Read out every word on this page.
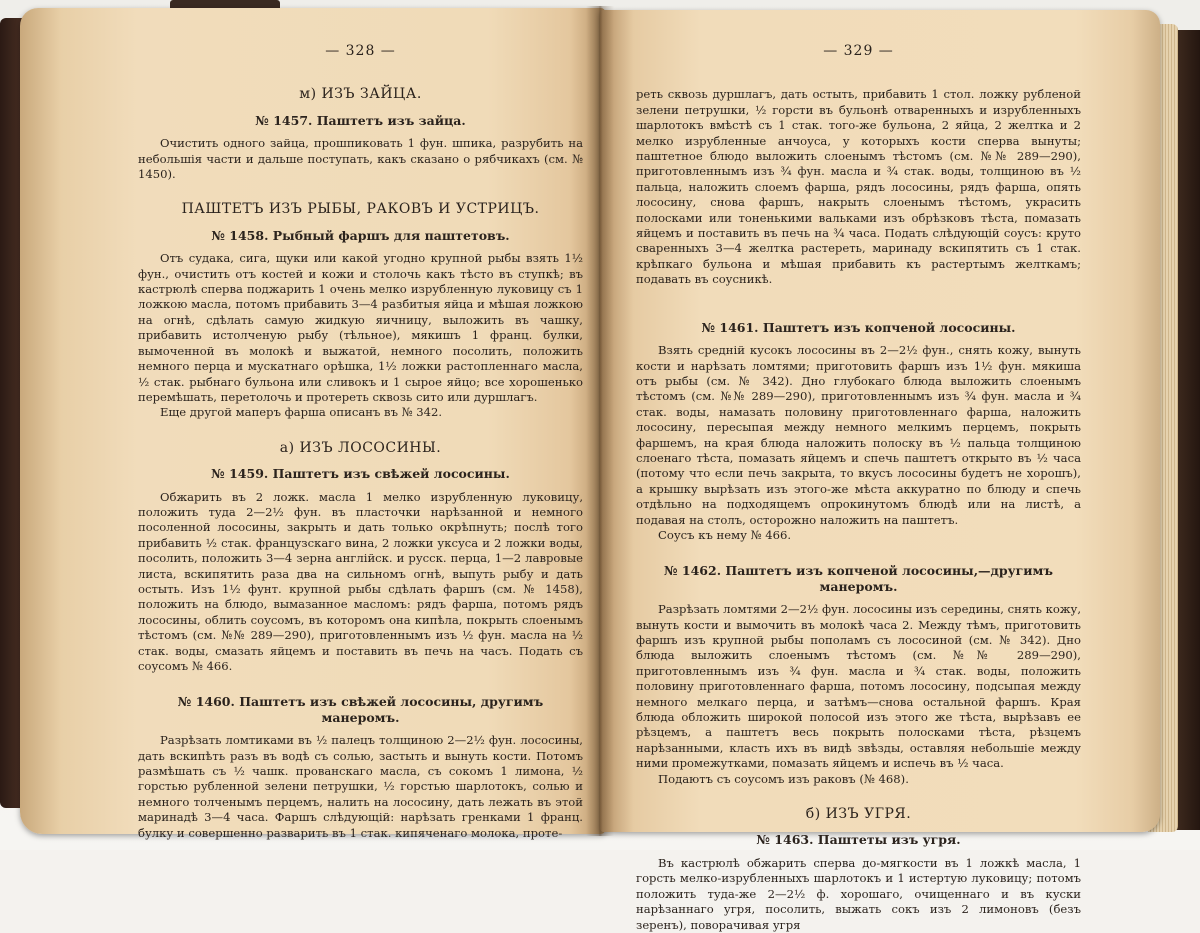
— 328 —
м) ИЗЪ ЗАЙЦА.
№ 1457. Паштетъ изъ зайца.

Очистить одного зайца, прошпиковать 1 фун. шпика, разрубить на небольшія части и дальше поступать, какъ сказано о рябчикахъ (см. № 1450).

ПАШТЕТЪ ИЗЪ РЫБЫ, РАКОВЪ И УСТРИЦЪ.
№ 1458. Рыбный фаршъ для паштетовъ.

Отъ судака, сига, щуки или какой угодно крупной рыбы взять 1½ фун., очистить отъ костей и кожи и столочь какъ тѣсто въ ступкѣ; въ кастрюлѣ сперва поджарить 1 очень мелко изрубленную луковицу съ 1 ложкою масла, потомъ прибавить 3—4 разбитыя яйца и мѣшая ложкою на огнѣ, сдѣлать самую жидкую яичницу, выложить въ чашку, прибавить истолченую рыбу (тѣльное), мякишъ 1 франц. булки, вымоченной въ молокѣ и выжатой, немного посолить, положить немного перца и мускатнаго орѣшка, 1½ ложки растопленнаго масла, ½ стак. рыбнаго бульона или сливокъ и 1 сырое яйцо; все хорошенько перемѣшать, перетолочь и протереть сквозь сито или дуршлагъ.

Еще другой маперъ фарша описанъ въ № 342.

а) ИЗЪ ЛОСОСИНЫ.
№ 1459. Паштетъ изъ свѣжей лососины.

Обжарить въ 2 ложк. масла 1 мелко изрубленную луковицу, положить туда 2—2½ фун. въ пласточки нарѣзанной и немного посоленной лососины, закрыть и дать только окрѣпнуть; послѣ того прибавить ½ стак. французскаго вина, 2 ложки уксуса и 2 ложки воды, посолить, положить 3—4 зерна англійск. и русск. перца, 1—2 лавровые листа, вскипятить раза два на сильномъ огнѣ, выпуть рыбу и дать остыть. Изъ 1½ фунт. крупной рыбы сдѣлать фаршъ (см. № 1458), положить на блюдо, вымазанное масломъ: рядъ фарша, потомъ рядъ лососины, облить соусомъ, въ которомъ она кипѣла, покрыть слоенымъ тѣстомъ (см. №№ 289—290), приготовленнымъ изъ ½ фун. масла на ½ стак. воды, смазать яйцемъ и поставить въ печь на часъ. Подать съ соусомъ № 466.

№ 1460. Паштетъ изъ свѣжей лососины, другимъ манеромъ.

Разрѣзать ломтиками въ ½ палецъ толщиною 2—2½ фун. лососины, дать вскипѣть разъ въ водѣ съ солью, застыть и вынуть кости. Потомъ размѣшать съ ½ чашк. прованскаго масла, съ сокомъ 1 лимона, ½ горстью рубленной зелени петрушки, ½ горстью шарлотокъ, солью и немного толченымъ перцемъ, налить на лососину, дать лежать въ этой маринадѣ 3—4 часа. Фаршъ слѣдующій: нарѣзать гренками 1 франц. булку и совершенно разварить въ 1 стак. кипяченаго молока, проте-

— 329 —

реть сквозь дуршлагъ, дать остыть, прибавить 1 стол. ложку рубленой зелени петрушки, ½ горсти въ бульонѣ отваренныхъ и изрубленныхъ шарлотокъ вмѣстѣ съ 1 стак. того-же бульона, 2 яйца, 2 желтка и 2 мелко изрубленные анчоуса, у которыхъ кости сперва вынуты; паштетное блюдо выложить слоенымъ тѣстомъ (см. №№ 289—290), приготовленнымъ изъ ¾ фун. масла и ¾ стак. воды, толщиною въ ½ пальца, наложить слоемъ фарша, рядъ лососины, рядъ фарша, опять лососину, снова фаршъ, накрыть слоенымъ тѣстомъ, украсить полосками или тоненькими вальками изъ обрѣзковъ тѣста, помазать яйцемъ и поставить въ печь на ¾ часа. Подать слѣдующій соусъ: круто сваренныхъ 3—4 желтка растереть, маринаду вскипятить съ 1 стак. крѣпкаго бульона и мѣшая прибавить къ растертымъ желткамъ; подавать въ соусникѣ.

№ 1461. Паштетъ изъ копченой лососины.

Взять средній кусокъ лососины въ 2—2½ фун., снять кожу, вынуть кости и нарѣзать ломтями; приготовить фаршъ изъ 1½ фун. мякиша отъ рыбы (см. № 342). Дно глубокаго блюда выложить слоенымъ тѣстомъ (см. №№ 289—290), приготовленнымъ изъ ¾ фун. масла и ¾ стак. воды, намазать половину приготовленнаго фарша, наложить лососину, пересыпая между немного мелкимъ перцемъ, покрыть фаршемъ, на края блюда наложить полоску въ ½ пальца толщиною слоенаго тѣста, помазать яйцемъ и спечь паштетъ открыто въ ½ часа (потому что если печь закрыта, то вкусъ лососины будетъ не хорошъ), а крышку вырѣзать изъ этого-же мѣста аккуратно по блюду и спечь отдѣльно на подходящемъ опрокинутомъ блюдѣ или на листѣ, а подавая на столъ, осторожно наложить на паштетъ.

Соусъ къ нему № 466.

№ 1462. Паштетъ изъ копченой лососины,—другимъ манеромъ.

Разрѣзать ломтями 2—2½ фун. лососины изъ середины, снять кожу, вынуть кости и вымочить въ молокѣ часа 2. Между тѣмъ, приготовить фаршъ изъ крупной рыбы пополамъ съ лососиной (см. № 342). Дно блюда выложить слоенымъ тѣстомъ (см. №№ 289—290), приготовленнымъ изъ ¾ фун. масла и ¾ стак. воды, положить половину приготовленнаго фарша, потомъ лососину, подсыпая между немного мелкаго перца, и затѣмъ—снова остальной фаршъ. Края блюда обложить широкой полосой изъ этого же тѣста, вырѣзавъ ее рѣзцемъ, а паштетъ весь покрыть полосками тѣста, рѣзцемъ нарѣзанными, класть ихъ въ видѣ звѣзды, оставляя небольшіе между ними промежутками, помазать яйцемъ и испечь въ ½ часа.

Подаютъ съ соусомъ изъ раковъ (№ 468).

б) ИЗЪ УГРЯ.
№ 1463. Паштеты изъ угря.

Въ кастрюлѣ обжарить сперва до-мягкости въ 1 ложкѣ масла, 1 горсть мелко-изрубленныхъ шарлотокъ и 1 истертую луковицу; потомъ положить туда-же 2—2½ ф. хорошаго, очищеннаго и въ куски нарѣзаннаго угря, посолить, выжать сокъ изъ 2 лимоновъ (безъ зеренъ), поворачивая угря
